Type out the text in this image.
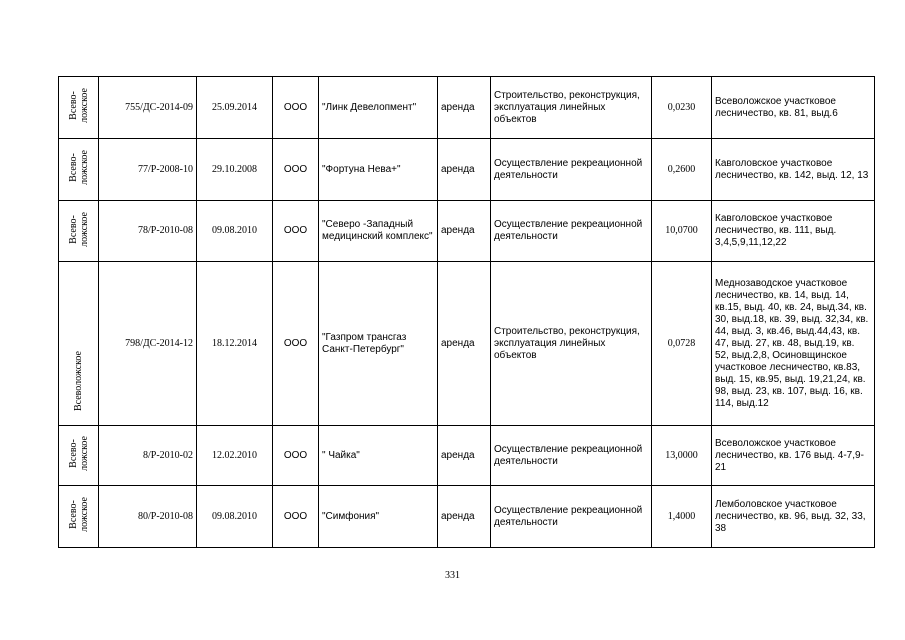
Всево-
ложское	755/ДС-2014-09	25.09.2014	ООО	"Линк Девелопмент"	аренда	Строительство, реконструкция, эксплуатация линейных объектов	0,0230	Всеволожское участковое лесничество, кв. 81, выд.6
Всево-
ложское	77/Р-2008-10	29.10.2008	ООО	"Фортуна Нева+"	аренда	Осуществление рекреационной деятельности	0,2600	Кавголовское участковое лесничество, кв. 142, выд. 12, 13
Всево-
ложское	78/Р-2010-08	09.08.2010	ООО	"Северо -Западный медицинский комплекс"	аренда	Осуществление рекреационной деятельности	10,0700	Кавголовское участковое лесничество, кв. 111, выд. 3,4,5,9,11,12,22
Всеволожское	798/ДС-2014-12	18.12.2014	ООО	"Газпром трансгаз Санкт-Петербург"	аренда	Строительство, реконструкция, эксплуатация линейных объектов	0,0728	Меднозаводское участковое лесничество, кв. 14, выд. 14, кв.15, выд. 40, кв. 24, выд.34, кв. 30, выд.18, кв. 39, выд. 32,34, кв. 44, выд. 3, кв.46, выд.44,43, кв. 47, выд. 27, кв. 48, выд.19, кв. 52, выд.2,8, Осиновщинское участковое лесничество, кв.83, выд. 15, кв.95, выд. 19,21,24, кв. 98, выд. 23, кв. 107, выд. 16, кв. 114, выд.12
Всево-
ложское	8/Р-2010-02	12.02.2010	ООО	" Чайка"	аренда	Осуществление рекреационной деятельности	13,0000	Всеволожское участковое лесничество, кв. 176 выд. 4-7,9-21
Всево-
ложское	80/Р-2010-08	09.08.2010	ООО	"Симфония"	аренда	Осуществление рекреационной деятельности	1,4000	Лемболовское участковое лесничество, кв. 96, выд. 32, 33, 38
331
